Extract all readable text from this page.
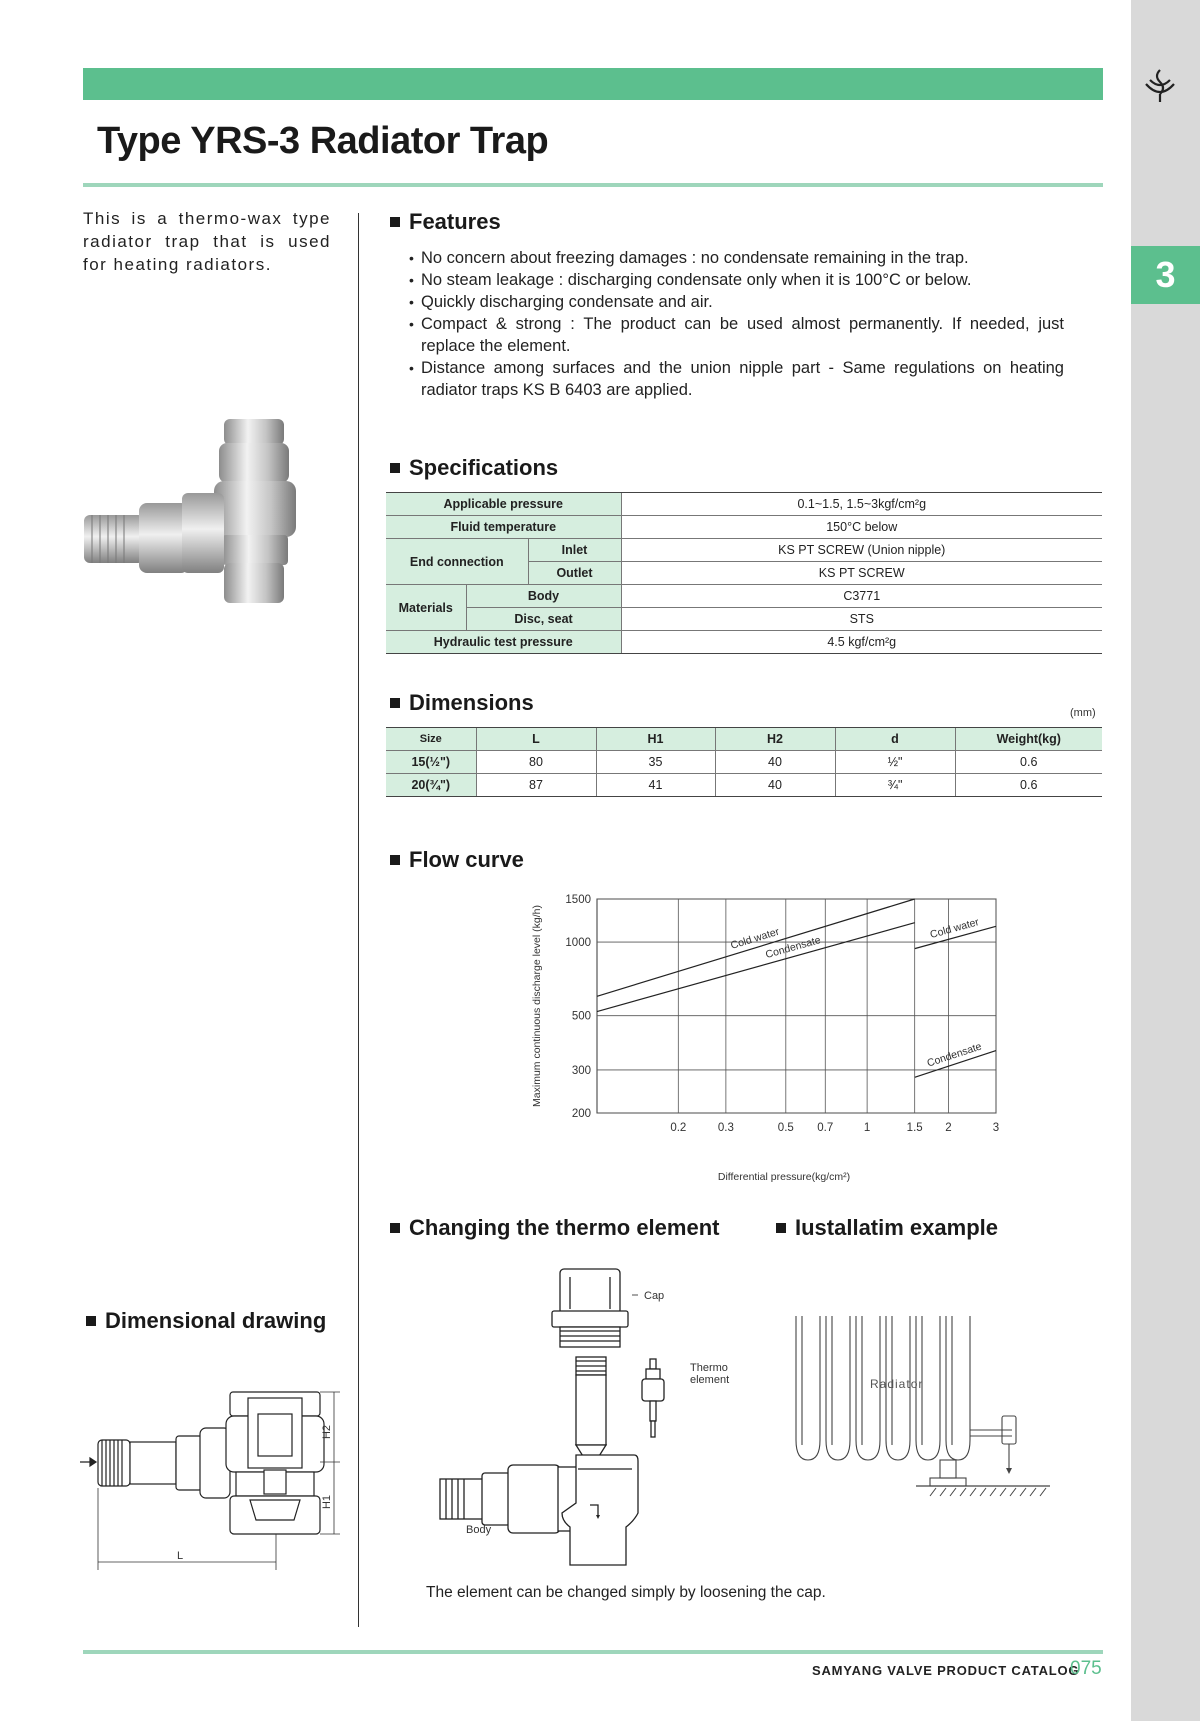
3
Type YRS-3 Radiator Trap
This is a thermo-wax type radiator trap that is used for heating radiators.
Features
• No concern about freezing damages : no condensate remaining in the trap.
• No steam leakage : discharging condensate only when it is 100°C or below.
• Quickly discharging condensate and air.
• Compact & strong : The product can be used almost permanently. If needed, just replace the element.
• Distance among surfaces and the union nipple part - Same regulations on heating radiator traps KS B 6403 are applied.
Specifications
Applicable pressure			0.1~1.5, 1.5~3kgf/cm²g
Fluid temperature			150°C below
End connection		Inlet	KS PT SCREW (Union nipple)
		Outlet	KS PT SCREW
Materials	Body		C3771
	Disc, seat		STS
Hydraulic test pressure			4.5 kgf/cm²g
Dimensions	(mm)
Size	L	H1	H2	d	Weight(kg)
15(½")	80	35	40	½"	0.6
20(¾")	87	41	40	¾"	0.6
Flow curve
Cold water
Condensate
Cold water
Condensate
0.2	0.3	0.5 0.7	1	1.5 2	3
200
300
500
1000
1500
Maximum continuous discharge level (kg/h)
Differential pressure(kg/cm²)
Changing the thermo element
Cap
Thermo
element
Body
The element can be changed simply by loosening the cap.
Iustallatim example
Radiator
Dimensional drawing
H2
H1
L
SAMYANG VALVE PRODUCT CATALOG
075
